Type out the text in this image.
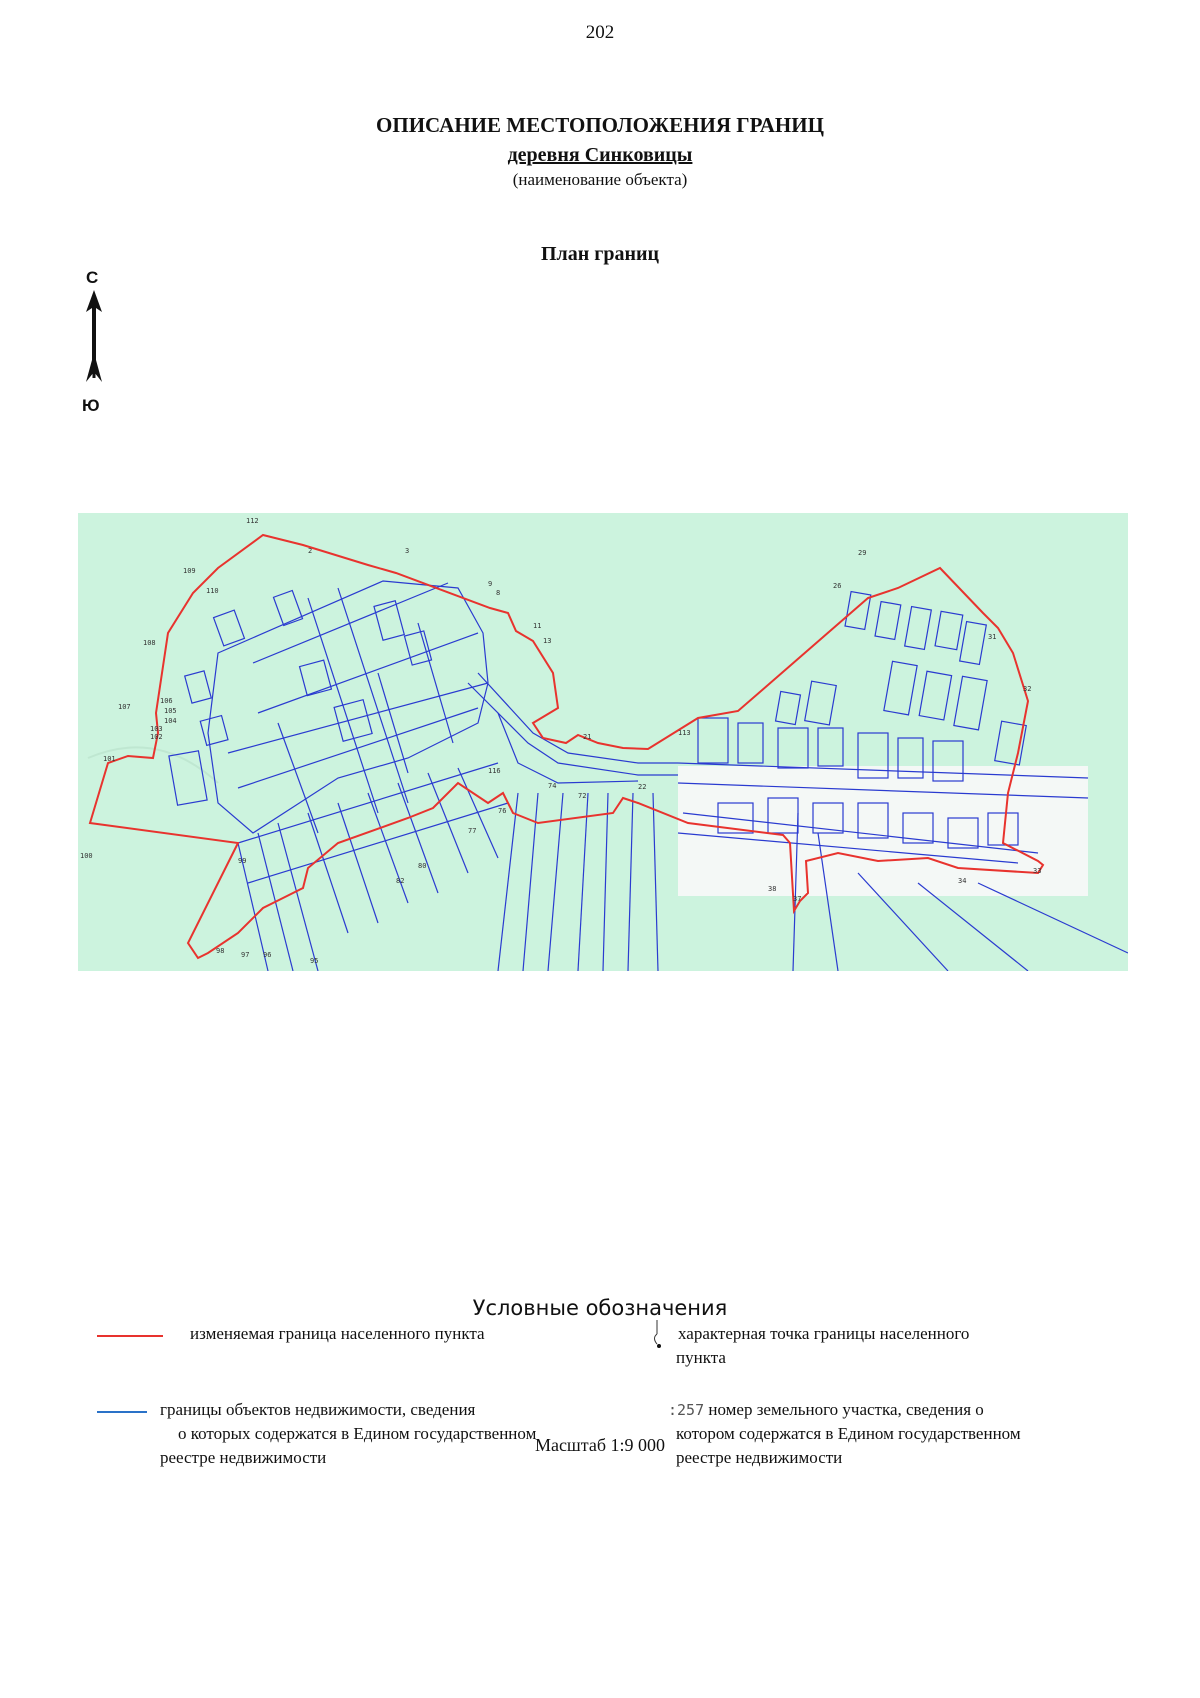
202
ОПИСАНИЕ МЕСТОПОЛОЖЕНИЯ ГРАНИЦ
деревня Синковицы
(наименование объекта)
План границ
С
Ю
112
2	3
109
110
108
107
106
105
104
103
102
101
100
99
98 97 96
95
9
8
11
13
113
116
29
26
31
32
38
37
34
33
22
21
74
72
82
80
77
76
Условные обозначения
изменяемая граница населенного пункта	характерная точка границы населенного
пункта
границы объектов недвижимости, сведения
о которых содержатся в Едином государственном
реестре недвижимости
:257 номер земельного участка, сведения о
котором содержатся в Едином государственном
реестре недвижимости
Масштаб 1:9 000
